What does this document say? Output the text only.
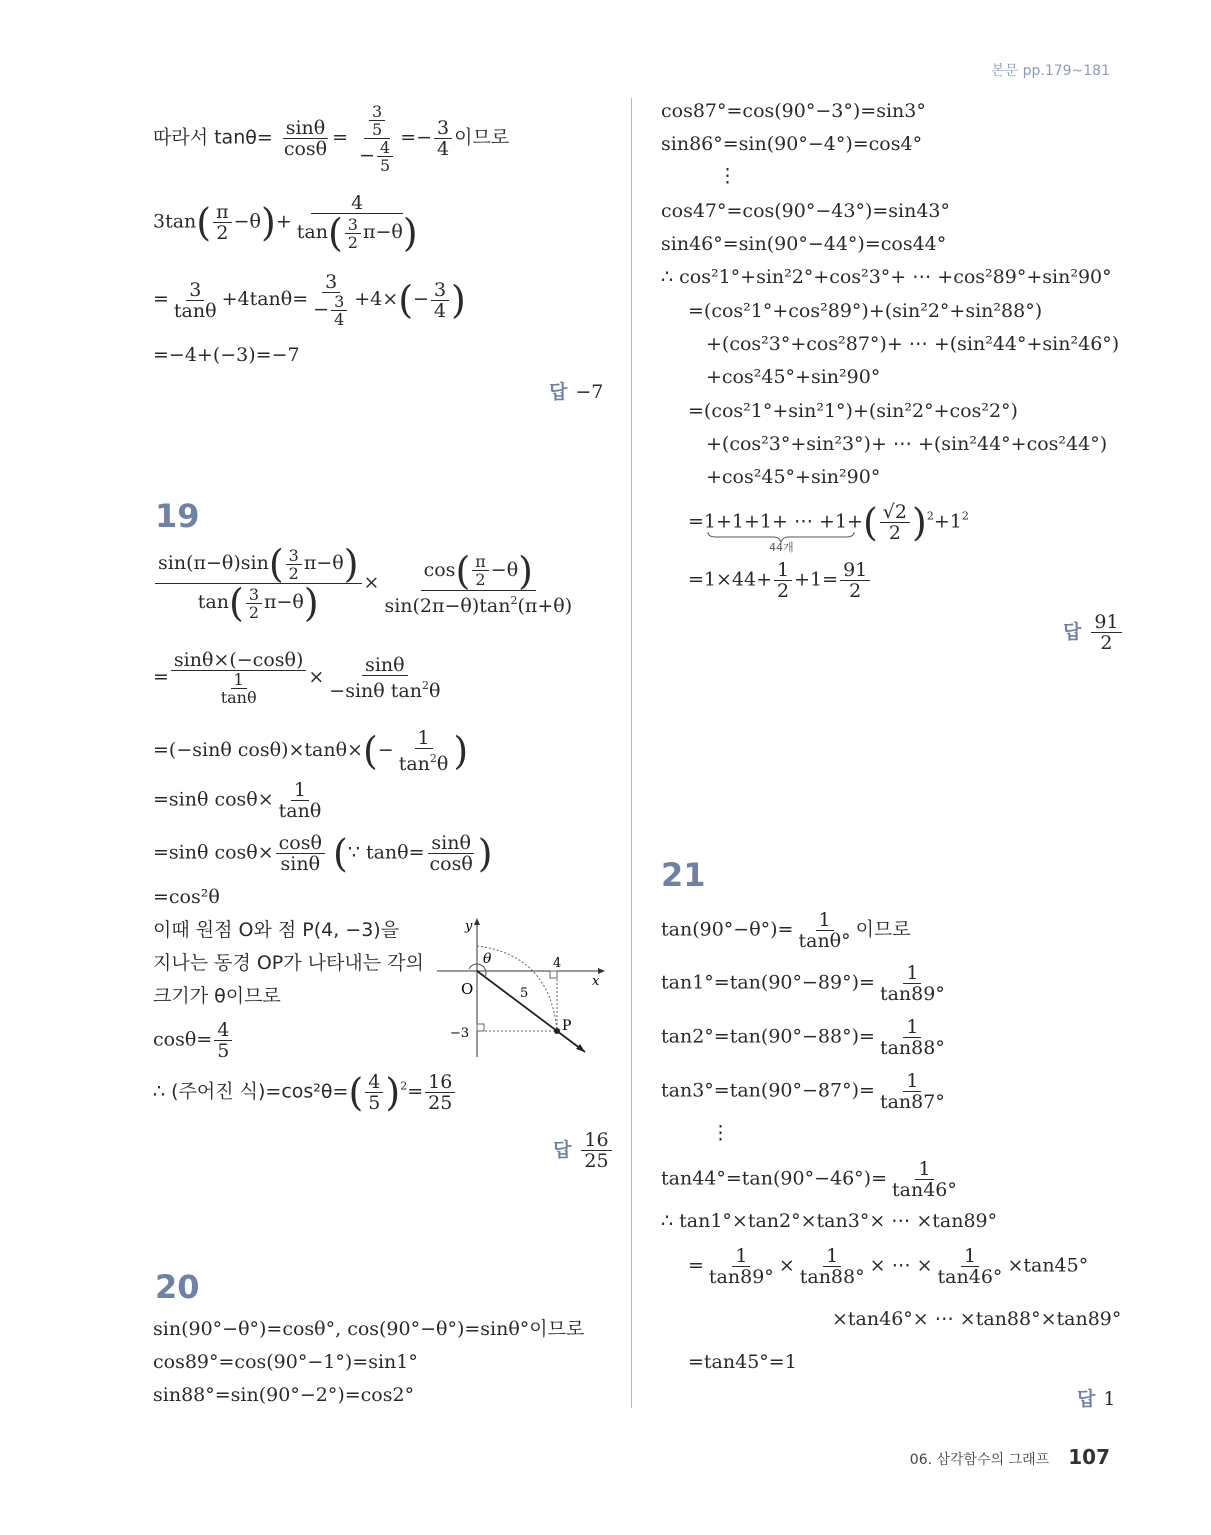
본문 pp.179~181
06. 삼각함수의 그래프 107
따라서 $\tan\theta= \frac{\sin\theta}{\cos\theta} = \frac{\frac{3}{5}}{- \frac{4}{5}} =- \frac{3}{4}$ 이므로
$3\tan( \frac{\pi}{2} -\theta)+ \frac{4}{\tan( \frac{3}{2} \pi-\theta)}$
= $\frac{3}{\tan\theta} +4\tan\theta= \frac{3}{- \frac{3}{4}} +4\times(- \frac{3}{4}$ )
=−4+(−3)=−7
답 −7
19
$\frac{\sin(\pi-\theta)\sin( \frac{3}{2} \pi-\theta)}{\tan( \frac{3}{2} \pi-\theta)} \times \frac{\cos( \frac{\pi}{2} -\theta)}{\sin(2\pi-\theta)\tan^2(\pi+\theta)}$
= $\frac{\sin\theta\times(-\cos\theta)}{\frac{1}{\tan\theta}} \times \frac{\sin\theta}{-\sin\theta \tan^2\theta}$
=(−sinθ $\cos\theta)\times\tan\theta\times(- \frac{1}{\tan^2\theta}$ )
=sinθ $\cos\theta\times \frac{1}{\tan\theta}$
=sinθ $\cos\theta\times \frac{\cos\theta}{\sin\theta}$ (∵ $\tan\theta= \frac{\sin\theta}{\cos\theta}$ )
=cos²θ
이때 원점 O와 점 P(4, −3)을
지나는 동경 OP가 나타내는 각의
크기가 θ이므로
$\cos\theta= \frac{4}{5}$
∴ (주어진 식)$=\cos^2\theta=( \frac{4}{5} )^2= \frac{16}{25}$
y
x
O
θ	4
−3
5
P
답 $\frac{16}{25}$
20
sin(90°−θ°)=cosθ°, cos(90°−θ°)=sinθ°이므로
cos89°=cos(90°−1°)=sin1°
sin88°=sin(90°−2°)=cos2°
cos87°=cos(90°−3°)=sin3°
sin86°=sin(90°−4°)=cos4°
⋮
cos47°=cos(90°−43°)=sin43°
sin46°=sin(90°−44°)=cos44°
∴ cos²1°+sin²2°+cos²3°+ ⋯ +cos²89°+sin²90°
=(cos²1°+cos²89°)+(sin²2°+sin²88°)
+(cos²3°+cos²87°)+ ⋯ +(sin²44°+sin²46°)
+cos²45°+sin²90°
=(cos²1°+sin²1°)+(sin²2°+cos²2°)
+(cos²3°+sin²3°)+ ⋯ +(sin²44°+cos²44°)
+cos²45°+sin²90°
=1+1+1+ ⋯ $+1+( \frac{√2}{2} )^2+1^2$
44개
$=1\times 44+ \frac{1}{2} +1= \frac{91}{2}$
답 $\frac{91}{2}$
21
$\tan(90^\circ-\theta^\circ)= \frac{1}{\tan\theta^\circ}$ 이므로
$\tan 1^\circ=\tan(90^\circ-89^\circ)= \frac{1}{\tan 89^\circ}$
$\tan 2^\circ=\tan(90^\circ-88^\circ)= \frac{1}{\tan 88^\circ}$
$\tan 3^\circ=\tan(90^\circ-87^\circ)= \frac{1}{\tan 87^\circ}$
⋮
$\tan 44^\circ=\tan(90^\circ-46^\circ)= \frac{1}{\tan 46^\circ}$
∴ tan1°×tan2°×tan3°× ⋯ ×tan89°
= $\frac{1}{\tan 89^\circ} \times \frac{1}{\tan 88^\circ}$ × ⋯ × $\frac{1}{\tan 46^\circ} \times\tan 45^\circ$
×tan46°× ⋯ ×tan88°×tan89°
=tan45°=1
답 1
